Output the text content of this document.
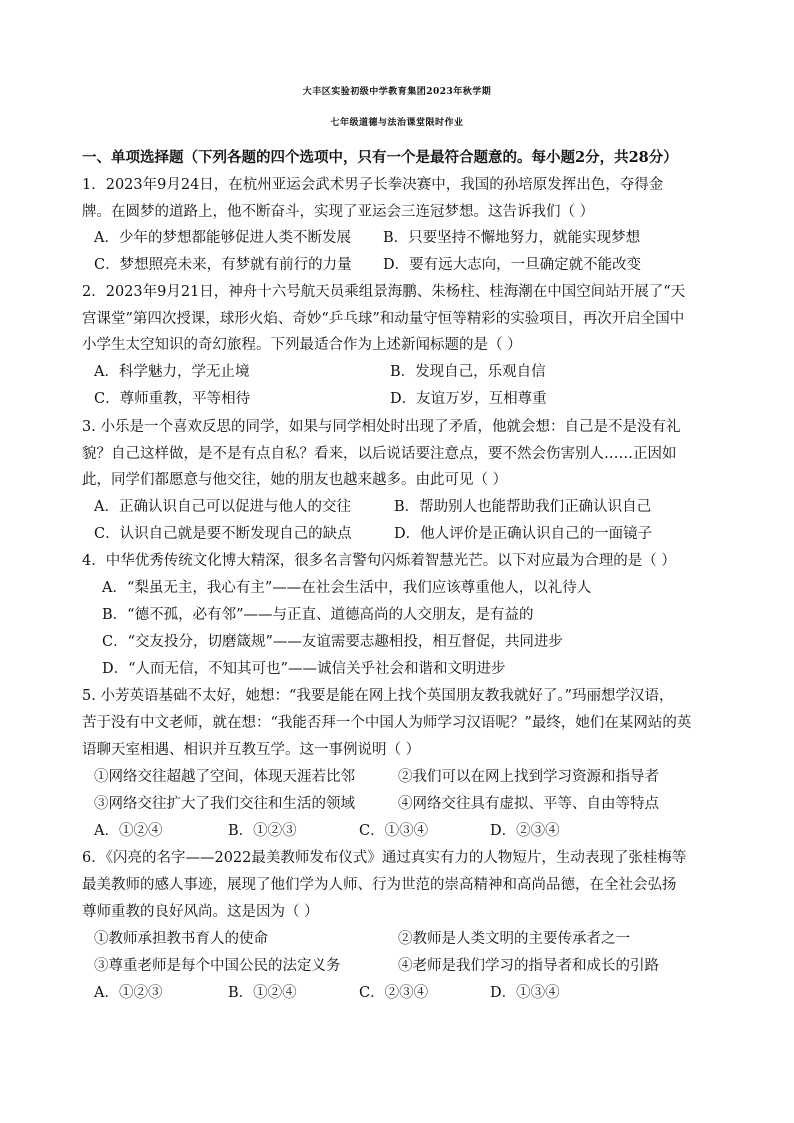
大丰区实验初级中学教育集团2023年秋学期
七年级道德与法治课堂限时作业
一、单项选择题（下列各题的四个选项中，只有一个是最符合题意的。每小题2分，共28分）
1．2023年9月24日，在杭州亚运会武术男子长拳决赛中，我国的孙培原发挥出色，夺得金
牌。在圆梦的道路上，他不断奋斗，实现了亚运会三连冠梦想。这告诉我们（ ）
A．少年的梦想都能够促进人类不断发展 B．只要坚持不懈地努力，就能实现梦想
C．梦想照亮未来，有梦就有前行的力量 D．要有远大志向，一旦确定就不能改变
2．2023年9月21日，神舟十六号航天员乘组景海鹏、朱杨柱、桂海潮在中国空间站开展了“天
宫课堂”第四次授课，球形火焰、奇妙“乒乓球”和动量守恒等精彩的实验项目，再次开启全国中
小学生太空知识的奇幻旅程。下列最适合作为上述新闻标题的是（ ）
A．科学魅力，学无止境	B．发现自己，乐观自信
C．尊师重教，平等相待	D．友谊万岁，互相尊重
3. 小乐是一个喜欢反思的同学，如果与同学相处时出现了矛盾，他就会想：自己是不是没有礼
貌？自己这样做，是不是有点自私？看来，以后说话要注意点，要不然会伤害别人……正因如
此，同学们都愿意与他交往，她的朋友也越来越多。由此可见（ ）
A．正确认识自己可以促进与他人的交往	B．帮助别人也能帮助我们正确认识自己
C．认识自己就是要不断发现自己的缺点	D．他人评价是正确认识自己的一面镜子
4．中华优秀传统文化博大精深，很多名言警句闪烁着智慧光芒。以下对应最为合理的是（ ）
A．“梨虽无主，我心有主”——在社会生活中，我们应该尊重他人，以礼待人
B．“德不孤，必有邻”——与正直、道德高尚的人交朋友，是有益的
C．“交友投分，切磨箴规”——友谊需要志趣相投，相互督促，共同进步
D．“人而无信，不知其可也”——诚信关乎社会和谐和文明进步
5. 小芳英语基础不太好，她想：“我要是能在网上找个英国朋友教我就好了。”玛丽想学汉语，
苦于没有中文老师，就在想：“我能否拜一个中国人为师学习汉语呢？”最终，她们在某网站的英
语聊天室相遇、相识并互教互学。这一事例说明（ ）
①网络交往超越了空间，体现天涯若比邻	②我们可以在网上找到学习资源和指导者
③网络交往扩大了我们交往和生活的领域	④网络交往具有虚拟、平等、自由等特点
A．①②④	B．①②③	C．①③④	D．②③④
6．《闪亮的名字——2022最美教师发布仪式》通过真实有力的人物短片，生动表现了张桂梅等
最美教师的感人事迹，展现了他们学为人师、行为世范的崇高精神和高尚品德，在全社会弘扬
尊师重教的良好风尚。这是因为（ ）
①教师承担教书育人的使命	②教师是人类文明的主要传承者之一
③尊重老师是每个中国公民的法定义务	④老师是我们学习的指导者和成长的引路
A．①②③	B．①②④	C．②③④	D．①③④
